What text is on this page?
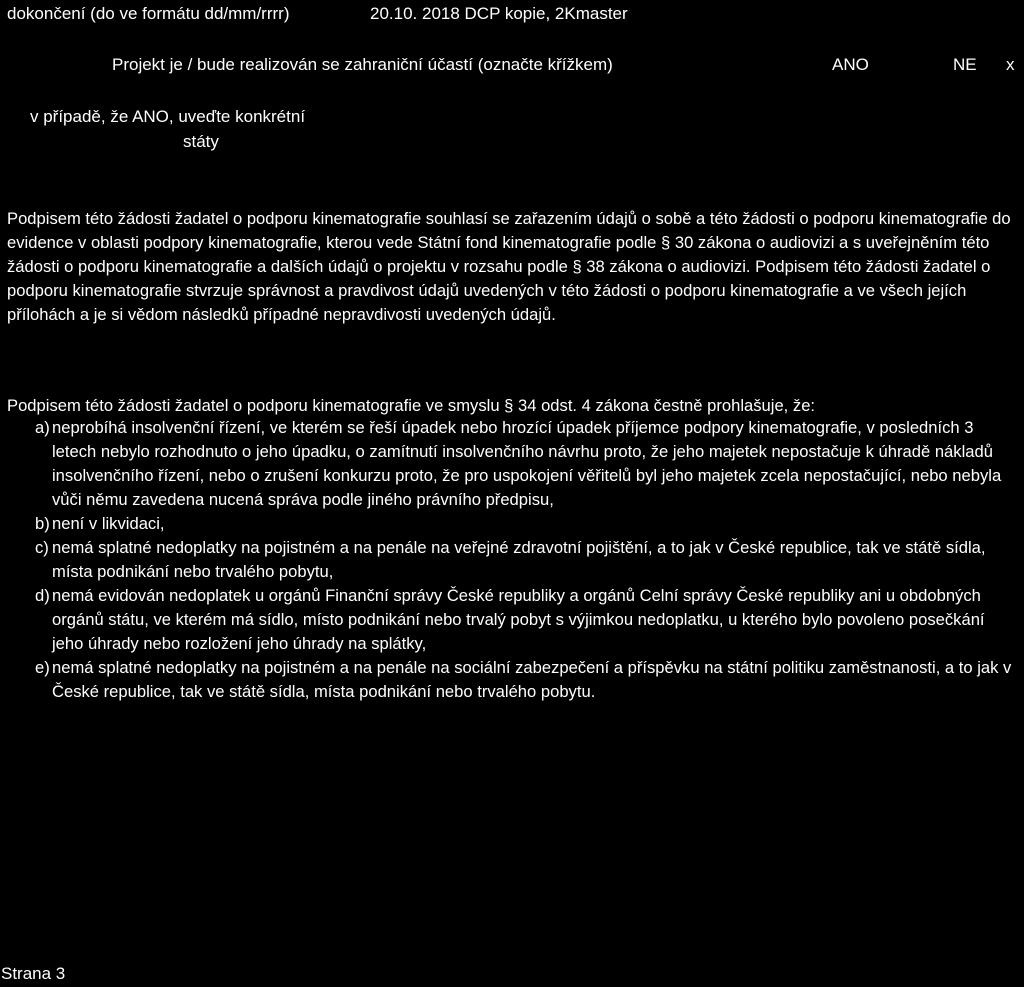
dokončení (do ve formátu dd/mm/rrrr)	20.10. 2018 DCP kopie, 2Kmaster
Projekt je / bude realizován se zahraniční účastí (označte křížkem)	ANO	NE x
v případě, že ANO, uveďte konkrétní
státy

Podpisem této žádosti žadatel o podporu kinematografie souhlasí se zařazením údajů o sobě a této žádosti o podporu kinematografie do evidence v oblasti podpory kinematografie, kterou vede Státní fond kinematografie podle § 30 zákona o audiovizi a s uveřejněním této žádosti o podporu kinematografie a dalších údajů o projektu v rozsahu podle § 38 zákona o audiovizi. Podpisem této žádosti žadatel o podporu kinematografie stvrzuje správnost a pravdivost údajů uvedených v této žádosti o podporu kinematografie a ve všech jejích přílohách a je si vědom následků případné nepravdivosti uvedených údajů.

Podpisem této žádosti žadatel o podporu kinematografie ve smyslu § 34 odst. 4 zákona čestně prohlašuje, že:
a) neprobíhá insolvenční řízení, ve kterém se řeší úpadek nebo hrozící úpadek příjemce podpory kinematografie, v posledních 3 letech nebylo rozhodnuto o jeho úpadku, o zamítnutí insolvenčního návrhu proto, že jeho majetek nepostačuje k úhradě nákladů insolvenčního řízení, nebo o zrušení konkurzu proto, že pro uspokojení věřitelů byl jeho majetek zcela nepostačující, nebo nebyla vůči němu zavedena nucená správa podle jiného právního předpisu,
b) není v likvidaci,
c) nemá splatné nedoplatky na pojistném a na penále na veřejné zdravotní pojištění, a to jak v České republice, tak ve státě sídla, místa podnikání nebo trvalého pobytu,
d) nemá evidován nedoplatek u orgánů Finanční správy České republiky a orgánů Celní správy České republiky ani u obdobných orgánů státu, ve kterém má sídlo, místo podnikání nebo trvalý pobyt s výjimkou nedoplatku, u kterého bylo povoleno posečkání jeho úhrady nebo rozložení jeho úhrady na splátky,
e) nemá splatné nedoplatky na pojistném a na penále na sociální zabezpečení a příspěvku na státní politiku zaměstnanosti, a to jak v České republice, tak ve státě sídla, místa podnikání nebo trvalého pobytu.
Strana 3
